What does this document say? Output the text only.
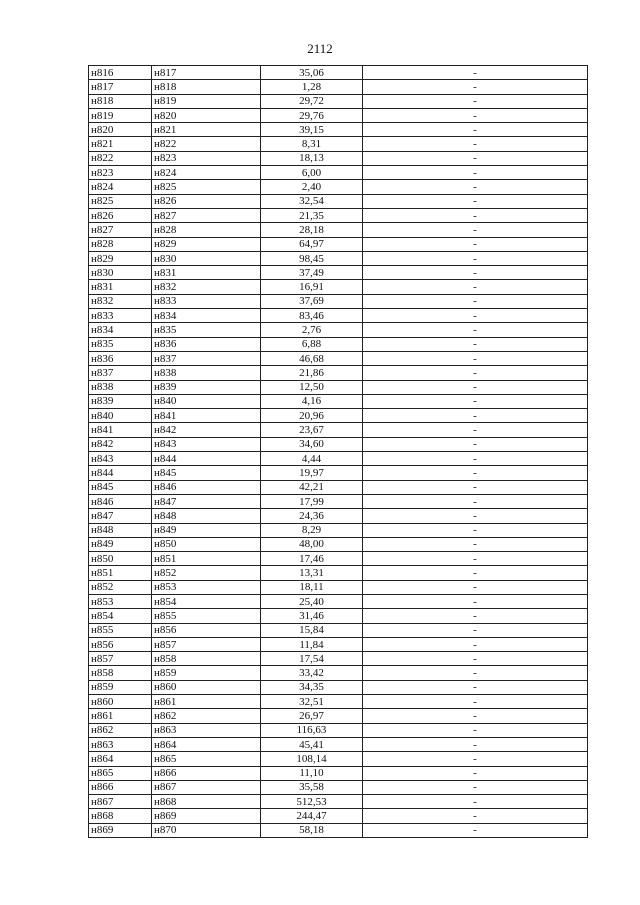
2112
н816	н817	35,06	-
н817	н818	1,28	-
н818	н819	29,72	-
н819	н820	29,76	-
н820	н821	39,15	-
н821	н822	8,31	-
н822	н823	18,13	-
н823	н824	6,00	-
н824	н825	2,40	-
н825	н826	32,54	-
н826	н827	21,35	-
н827	н828	28,18	-
н828	н829	64,97	-
н829	н830	98,45	-
н830	н831	37,49	-
н831	н832	16,91	-
н832	н833	37,69	-
н833	н834	83,46	-
н834	н835	2,76	-
н835	н836	6,88	-
н836	н837	46,68	-
н837	н838	21,86	-
н838	н839	12,50	-
н839	н840	4,16	-
н840	н841	20,96	-
н841	н842	23,67	-
н842	н843	34,60	-
н843	н844	4,44	-
н844	н845	19,97	-
н845	н846	42,21	-
н846	н847	17,99	-
н847	н848	24,36	-
н848	н849	8,29	-
н849	н850	48,00	-
н850	н851	17,46	-
н851	н852	13,31	-
н852	н853	18,11	-
н853	н854	25,40	-
н854	н855	31,46	-
н855	н856	15,84	-
н856	н857	11,84	-
н857	н858	17,54	-
н858	н859	33,42	-
н859	н860	34,35	-
н860	н861	32,51	-
н861	н862	26,97	-
н862	н863	116,63	-
н863	н864	45,41	-
н864	н865	108,14	-
н865	н866	11,10	-
н866	н867	35,58	-
н867	н868	512,53	-
н868	н869	244,47	-
н869	н870	58,18	-
